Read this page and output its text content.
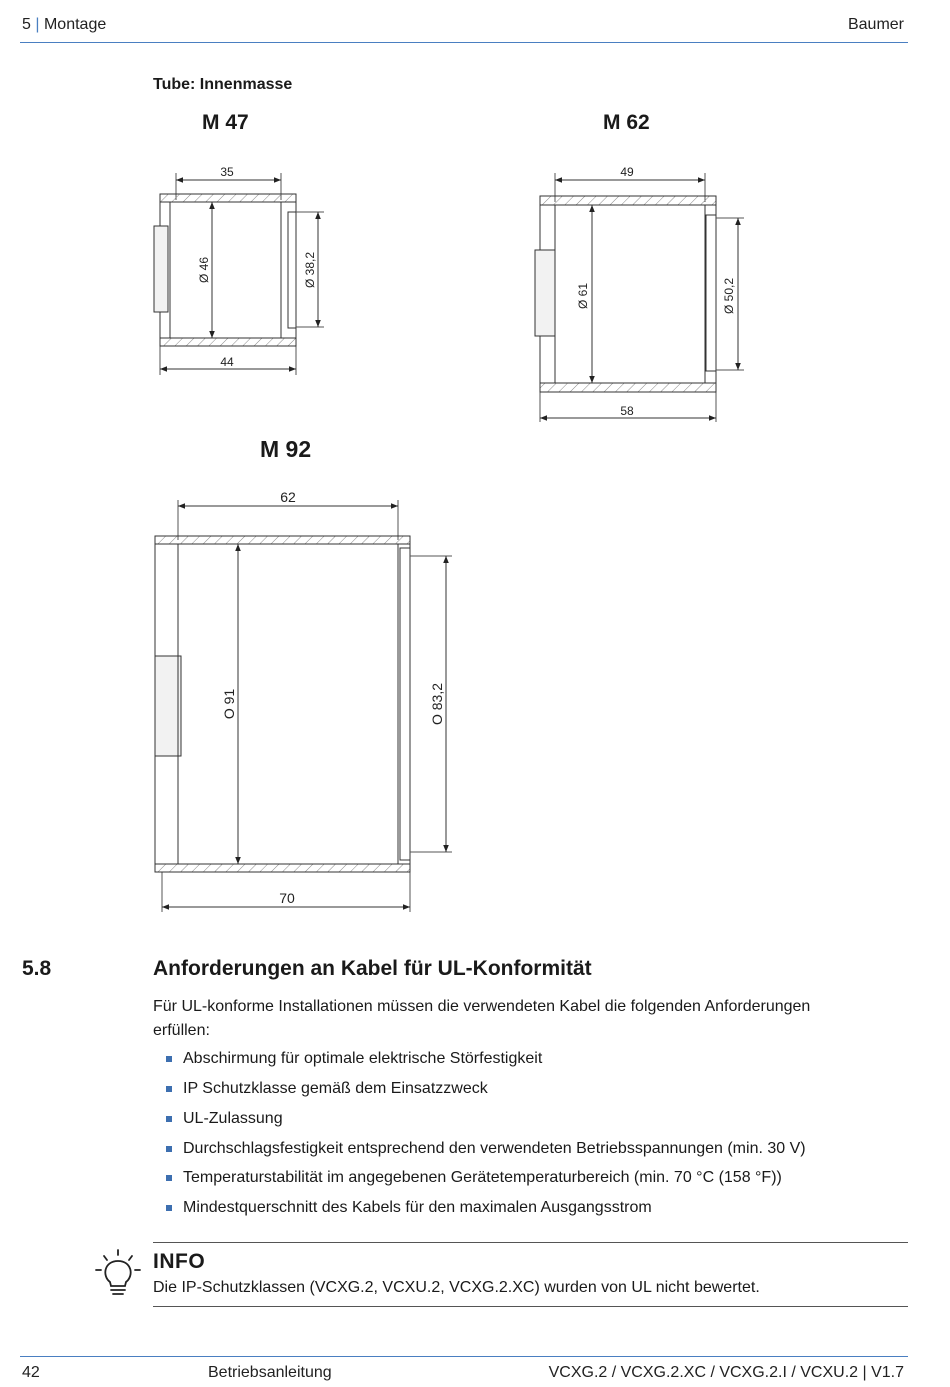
5 | Montage	Baumer
Tube: Innenmasse
M 47	M 62
M 92
35
44
Ø 46	Ø 38,2
49
58
Ø 61	Ø 50,2
62
70
O 91	O 83,2
5.8	Anforderungen an Kabel für UL-Konformität
Für UL-konforme Installationen müssen die verwendeten Kabel die folgenden Anforderungen
erfüllen:
Abschirmung für optimale elektrische Störfestigkeit
IP Schutzklasse gemäß dem Einsatzzweck
UL-Zulassung
Durchschlagsfestigkeit entsprechend den verwendeten Betriebsspannungen (min. 30 V)
Temperaturstabilität im angegebenen Gerätetemperaturbereich (min. 70 °C (158 °F))
Mindestquerschnitt des Kabels für den maximalen Ausgangsstrom
INFO
Die IP-Schutzklassen (VCXG.2, VCXU.2, VCXG.2.XC) wurden von UL nicht bewertet.
42	Betriebsanleitung	VCXG.2 / VCXG.2.XC / VCXG.2.I / VCXU.2 | V1.7
